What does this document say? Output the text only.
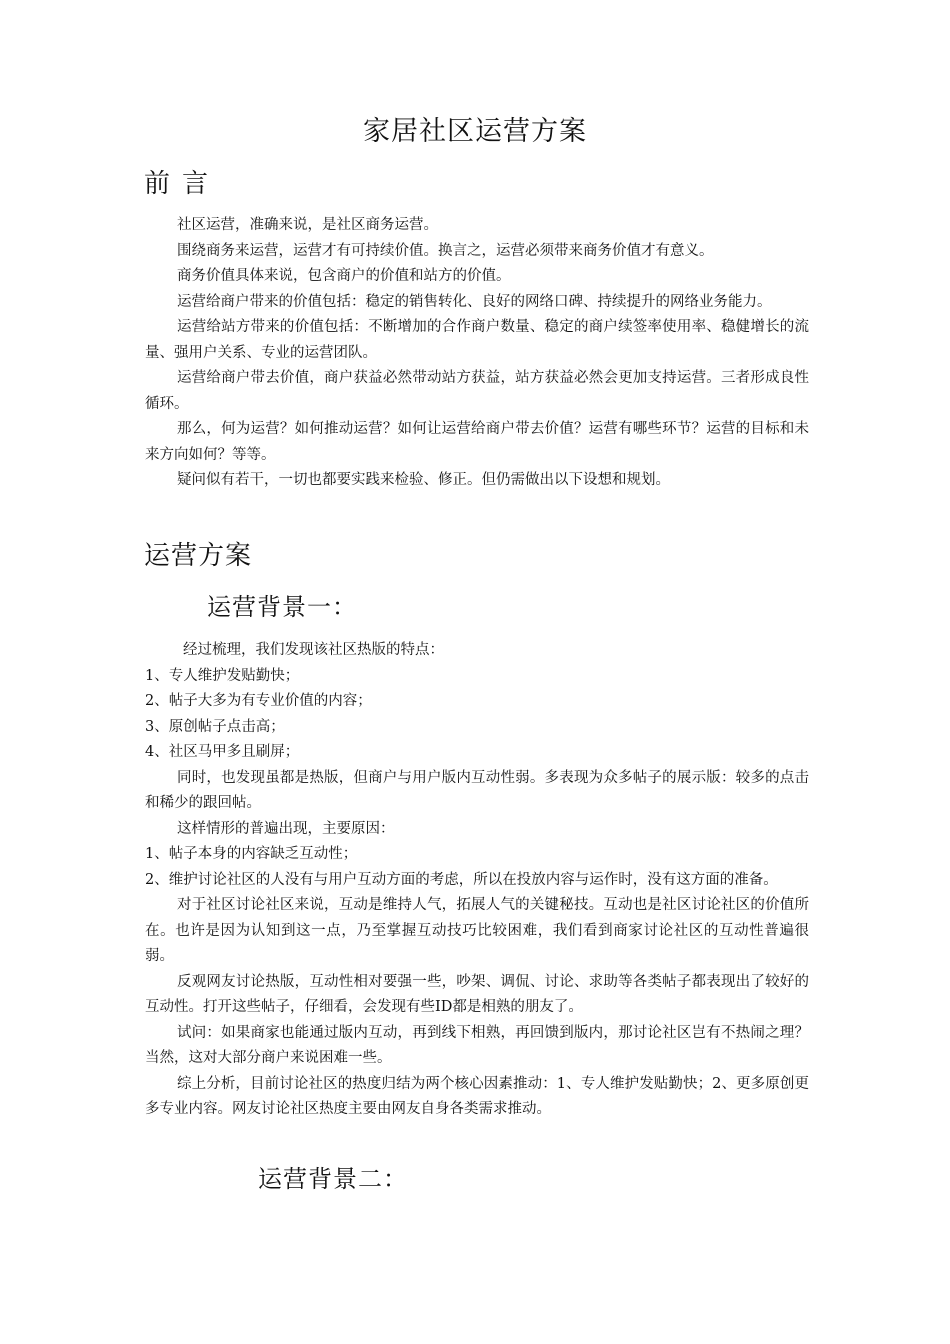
家居社区运营方案
前言

社区运营，准确来说，是社区商务运营。

围绕商务来运营，运营才有可持续价值。换言之，运营必须带来商务价值才有意义。

商务价值具体来说，包含商户的价值和站方的价值。

运营给商户带来的价值包括：稳定的销售转化、良好的网络口碑、持续提升的网络业务能力。

运营给站方带来的价值包括：不断增加的合作商户数量、稳定的商户续签率使用率、稳健增长的流量、强用户关系、专业的运营团队。

运营给商户带去价值，商户获益必然带动站方获益，站方获益必然会更加支持运营。三者形成良性循环。

那么，何为运营？如何推动运营？如何让运营给商户带去价值？运营有哪些环节？运营的目标和未来方向如何？等等。

疑问似有若干，一切也都要实践来检验、修正。但仍需做出以下设想和规划。

运营方案
运营背景一：

经过梳理，我们发现该社区热版的特点：

1、专人维护发贴勤快；

2、帖子大多为有专业价值的内容；

3、原创帖子点击高；

4、社区马甲多且刷屏；

同时，也发现虽都是热版，但商户与用户版内互动性弱。多表现为众多帖子的展示版：较多的点击和稀少的跟回帖。

这样情形的普遍出现，主要原因：

1、帖子本身的内容缺乏互动性；

2、维护讨论社区的人没有与用户互动方面的考虑，所以在投放内容与运作时，没有这方面的准备。

对于社区讨论社区来说，互动是维持人气，拓展人气的关键秘技。互动也是社区讨论社区的价值所在。也许是因为认知到这一点，乃至掌握互动技巧比较困难，我们看到商家讨论社区的互动性普遍很弱。

反观网友讨论热版，互动性相对要强一些，吵架、调侃、讨论、求助等各类帖子都表现出了较好的互动性。打开这些帖子，仔细看，会发现有些ID都是相熟的朋友了。

试问：如果商家也能通过版内互动，再到线下相熟，再回馈到版内，那讨论社区岂有不热闹之理？当然，这对大部分商户来说困难一些。

综上分析，目前讨论社区的热度归结为两个核心因素推动：1、专人维护发贴勤快；2、更多原创更多专业内容。网友讨论社区热度主要由网友自身各类需求推动。

运营背景二：
